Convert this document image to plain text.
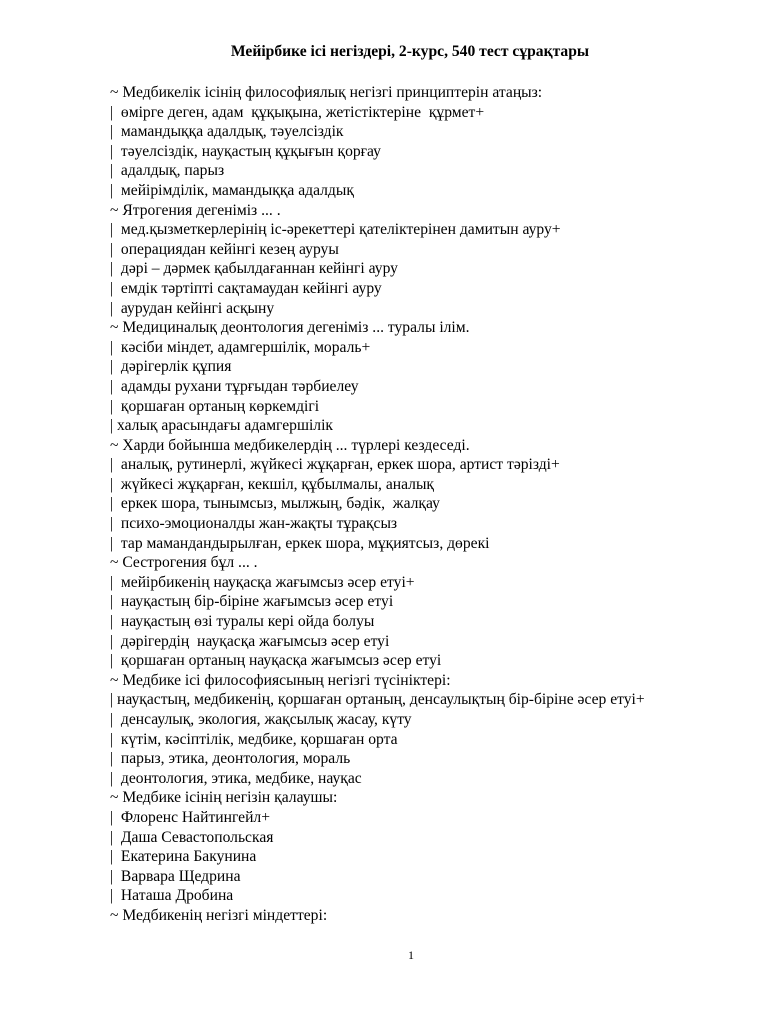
Мейірбике ісі негіздері, 2-курс, 540 тест сұрақтары
~ Медбикелік ісінің философиялық негізгі принциптерін атаңыз:
|  өмірге деген, адам  құқықына, жетістіктеріне  құрмет+
|  мамандыққа адалдық, тәуелсіздік
|  тәуелсіздік, науқастың құқығын қорғау
|  адалдық, парыз
|  мейірімділік, мамандыққа адалдық
~ Ятрогения дегеніміз ... .
|  мед.қызметкерлерінің іс-әрекеттері қателіктерінен дамитын ауру+
|  операциядан кейінгі кезең ауруы
|  дәрі – дәрмек қабылдағаннан кейінгі ауру
|  емдік тәртіпті сақтамаудан кейінгі ауру
|  аурудан кейінгі асқыну
~ Медициналық деонтология дегеніміз ... туралы ілім.
|  кәсіби міндет, адамгершілік, мораль+
|  дәрігерлік құпия
|  адамды рухани тұрғыдан тәрбиелеу
|  қоршаған ортаның көркемдігі
| халық арасындағы адамгершілік
~ Харди бойынша медбикелердің ... түрлері кездеседі.
|  аналық, рутинерлі, жүйкесі жұқарған, еркек шора, артист тәрізді+
|  жүйкесі жұқарған, кекшіл, құбылмалы, аналық
|  еркек шора, тынымсыз, мылжың, бәдік,  жалқау
|  психо-эмоционалды жан-жақты тұрақсыз
|  тар мамандандырылған, еркек шора, мұқиятсыз, дөрекі
~ Сестрогения бұл ... .
|  мейірбикенің науқасқа жағымсыз әсер етуі+
|  науқастың бір-біріне жағымсыз әсер етуі
|  науқастың өзі туралы кері ойда болуы
|  дәрігердің  науқасқа жағымсыз әсер етуі
|  қоршаған ортаның науқасқа жағымсыз әсер етуі
~ Медбике ісі философиясының негізгі түсініктері:
| науқастың, медбикенің, қоршаған ортаның, денсаулықтың бір-біріне әсер етуі+
|  денсаулық, экология, жақсылық жасау, күту
|  күтім, кәсіптілік, медбике, қоршаған орта
|  парыз, этика, деонтология, мораль
|  деонтология, этика, медбике, науқас
~ Медбике ісінің негізін қалаушы:
|  Флоренс Найтингейл+
|  Даша Севастопольская
|  Екатерина Бакунина
|  Варвара Щедрина
|  Наташа Дробина
~ Медбикенің негізгі міндеттері:
1
